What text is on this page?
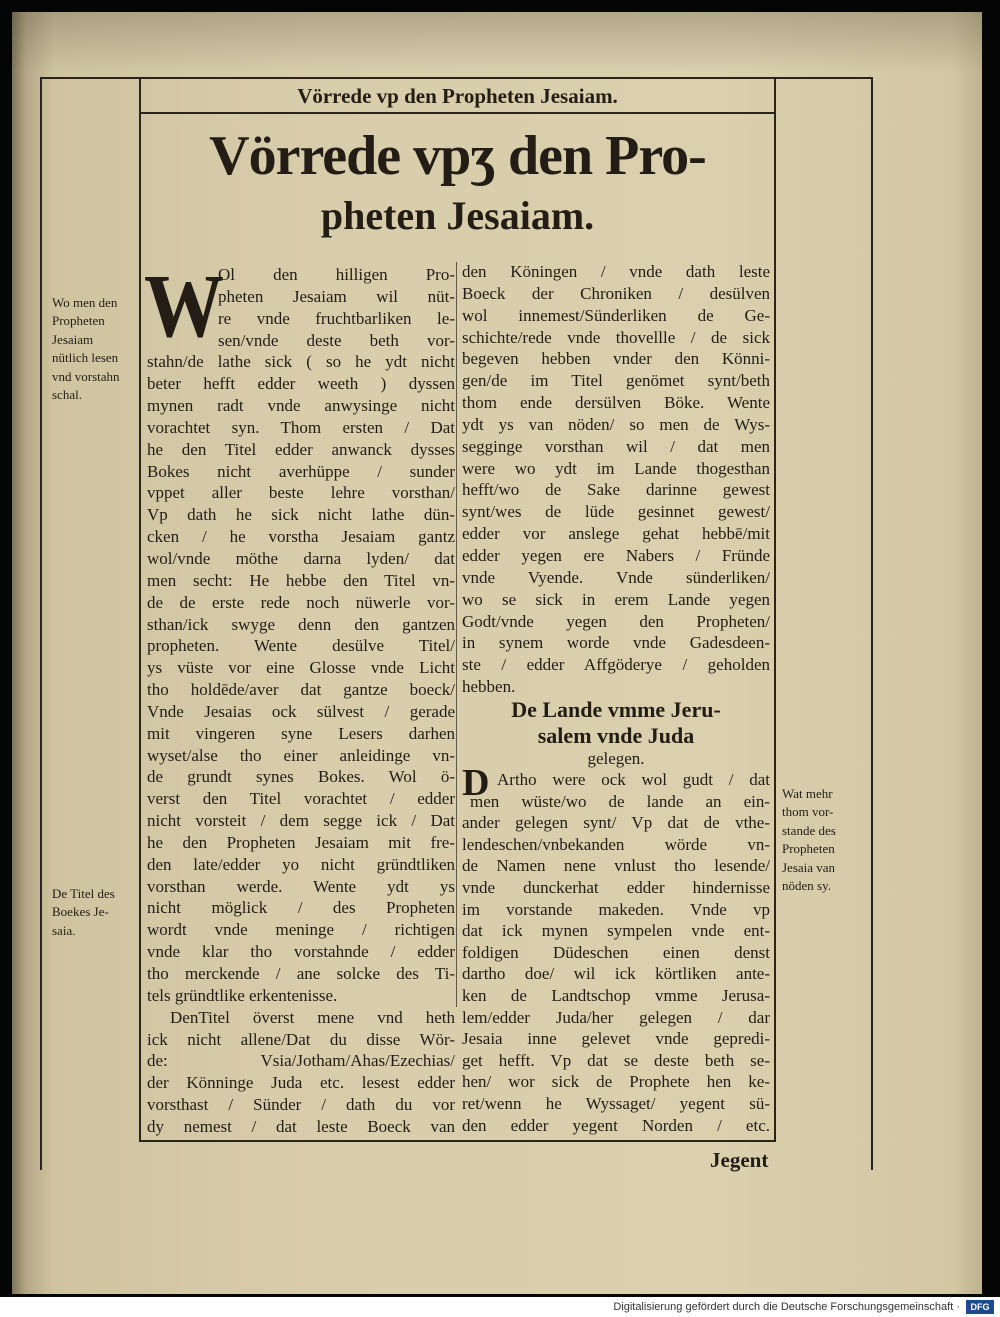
Vörrede vp den Propheten Jesaiam.
Vörrede vpʒ den Pro-
pheten Jesaiam.
Wo men den
Propheten
Jesaiam
nütlich lesen
vnd vorstahn
schal.
De Titel des
Boekes Je-
saia.
Wat mehr
thom vor-
stande des
Propheten
Jesaia van
nöden sy.
W
Ol den hilligen Pro-
pheten Jesaiam wil nüt-
re vnde fruchtbarliken le-
sen/vnde deste beth vor-
stahn/de lathe sick ( so he ydt nicht
beter hefft edder weeth ) dyssen
mynen radt vnde anwysinge nicht
vorachtet syn. Thom ersten / Dat
he den Titel edder anwanck dysses
Bokes nicht averhüppe / sunder
vppet aller beste lehre vorsthan/
Vp dath he sick nicht lathe dün-
cken / he vorstha Jesaiam gantz
wol/vnde möthe darna lyden/ dat
men secht: He hebbe den Titel vn-
de de erste rede noch nüwerle vor-
sthan/ick swyge denn den gantzen
propheten. Wente desülve Titel/
ys vüste vor eine Glosse vnde Licht
tho holdēde/aver dat gantze boeck/
Vnde Jesaias ock sülvest / gerade
mit vingeren syne Lesers darhen
wyset/alse tho einer anleidinge vn-
de grundt synes Bokes. Wol ö-
verst den Titel vorachtet / edder
nicht vorsteit / dem segge ick / Dat
he den Propheten Jesaiam mit fre-
den late/edder yo nicht gründtliken
vorsthan werde. Wente ydt ys
nicht möglick / des Propheten
wordt vnde meninge / richtigen
vnde klar tho vorstahnde / edder
tho merckende / ane solcke des Ti-
tels gründtlike erkentenisse.
DenTitel överst mene vnd heth
ick nicht allene/Dat du disse Wör-
de: Vsia/Jotham/Ahas/Ezechias/
der Könninge Juda etc. lesest edder
vorsthast / Sünder / dath du vor
dy nemest / dat leste Boeck van
den Köningen / vnde dath leste
Boeck der Chroniken / desülven
wol innemest/Sünderliken de Ge-
schichte/rede vnde thovellle / de sick
begeven hebben vnder den Könni-
gen/de im Titel genömet synt/beth
thom ende dersülven Böke. Wente
ydt ys van nöden/ so men de Wys-
segginge vorsthan wil / dat men
were wo ydt im Lande thogesthan
hefft/wo de Sake darinne gewest
synt/wes de lüde gesinnet gewest/
edder vor anslege gehat hebbē/mit
edder yegen ere Nabers / Fründe
vnde Vyende. Vnde sünderliken/
wo se sick in erem Lande yegen
Godt/vnde yegen den Propheten/
in synem worde vnde Gadesdeen-
ste / edder Affgöderye / geholden
hebben.
De Lande vmme Jeru-
salem vnde Juda
gelegen.
D Artho were ock wol gudt / dat
men wüste/wo de lande an ein-
ander gelegen synt/ Vp dat de vthe-
lendeschen/vnbekanden wörde vn-
de Namen nene vnlust tho lesende/
vnde dunckerhat edder hindernisse
im vorstande makeden. Vnde vp
dat ick mynen sympelen vnde ent-
foldigen Düdeschen einen denst
dartho doe/ wil ick körtliken ante-
ken de Landtschop vmme Jerusa-
lem/edder Juda/her gelegen / dar
Jesaia inne gelevet vnde gepredi-
get hefft. Vp dat se deste beth se-
hen/ wor sick de Prophete hen ke-
ret/wenn he Wyssaget/ yegent sü-
den edder yegent Norden / etc.
Jegent
Digitalisierung gefördert durch die Deutsche Forschungsgemeinschaft ·	DFG
